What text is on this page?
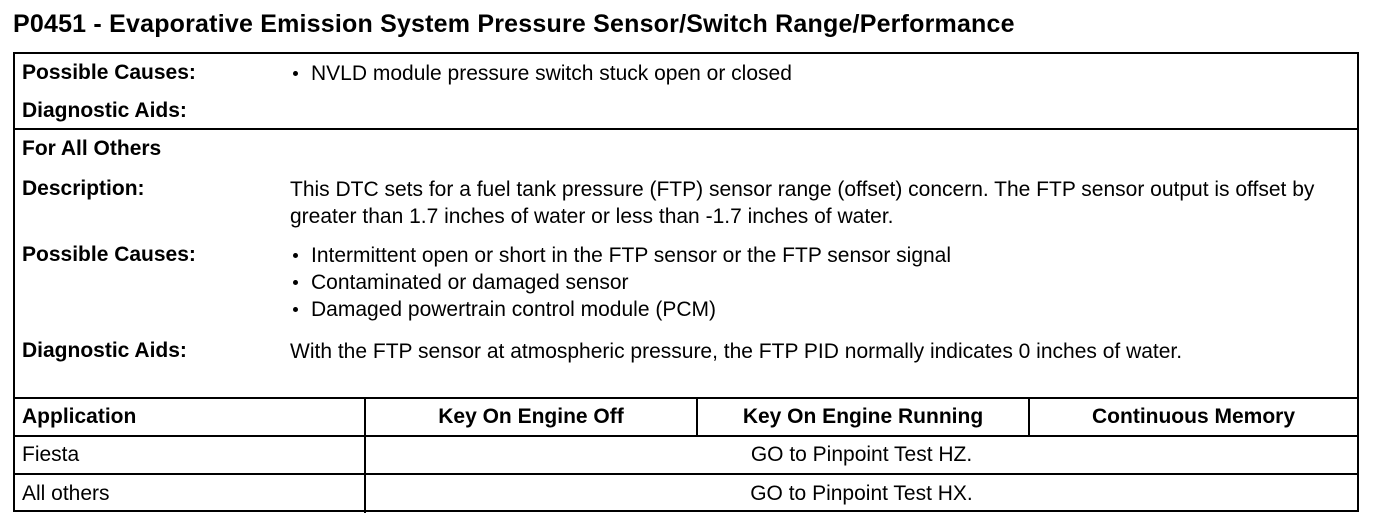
P0451 - Evaporative Emission System Pressure Sensor/Switch Range/Performance
Possible Causes:	NVLD module pressure switch stuck open or closed
Diagnostic Aids:
For All Others
Description:	This DTC sets for a fuel tank pressure (FTP) sensor range (offset) concern. The FTP sensor output is offset by greater than 1.7 inches of water or less than -1.7 inches of water.
Possible Causes:	Intermittent open or short in the FTP sensor or the FTP sensor signal
Contaminated or damaged sensor
Damaged powertrain control module (PCM)
Diagnostic Aids:	With the FTP sensor at atmospheric pressure, the FTP PID normally indicates 0 inches of water.
Application	Key On Engine Off	Key On Engine Running	Continuous Memory
Fiesta	GO to Pinpoint Test HZ.
All others	GO to Pinpoint Test HX.
